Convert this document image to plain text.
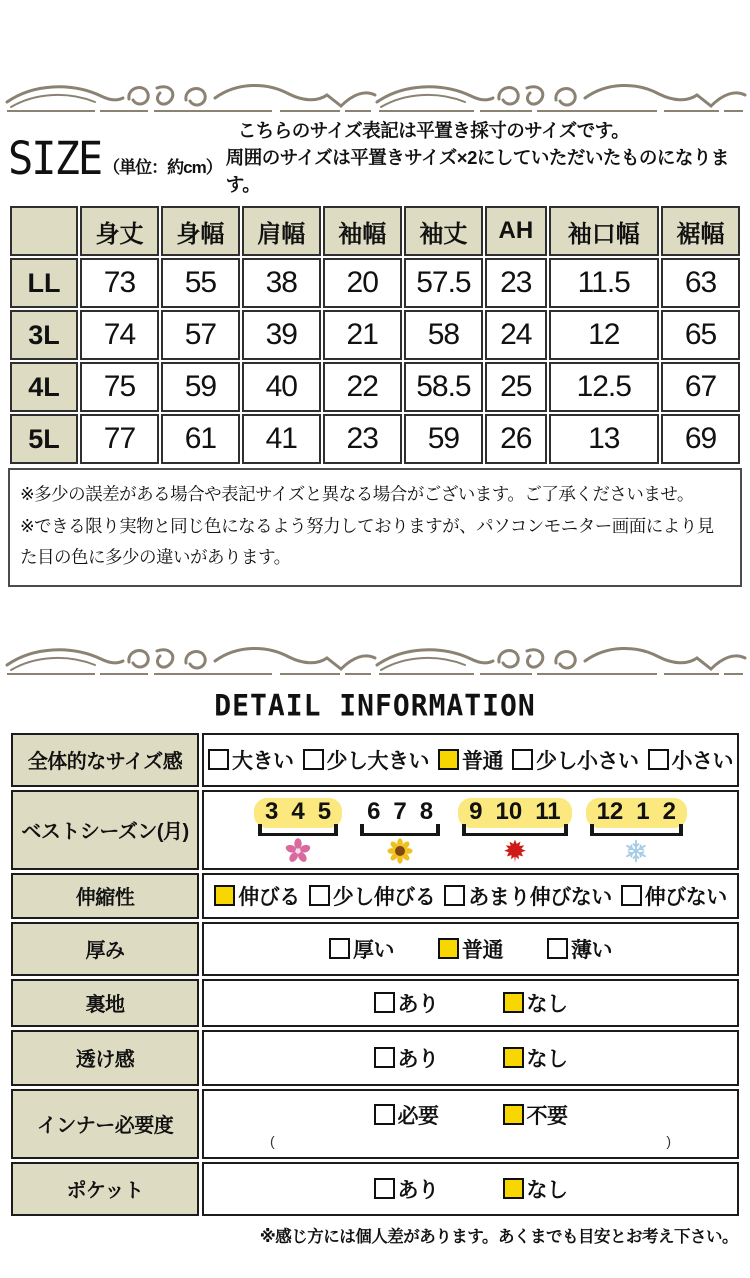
SIZE （単位：約cm）
こちらのサイズ表記は平置き採寸のサイズです。
周囲のサイズは平置きサイズ×2にしていただいたものになります。
	身丈	身幅	肩幅	袖幅	袖丈	AH	袖口幅	裾幅
LL	73	55	38	20	57.5	23	11.5	63
3L	74	57	39	21	58	24	12	65
4L	75	59	40	22	58.5	25	12.5	67
5L	77	61	41	23	59	26	13	69
※多少の誤差がある場合や表記サイズと異なる場合がございます。ご了承くださいませ。
※できる限り実物と同じ色になるよう努力しておりますが、パソコンモニター画面により見た目の色に多少の違いがあります。
DETAIL INFORMATION
全体的なサイズ感	大きい 少し大きい 普通 少し小さい 小さい

ベストシーズン(月)	
3 4 5 6 7 8 9 10 11 12 1 2

伸縮性	伸びる 少し伸びる あまり伸びない 伸びない

厚み	厚い 普通 薄い

裏地	あり なし

透け感	あり なし

インナー必要度	必要 不要
( )

ポケット	あり なし
※感じ方には個人差があります。あくまでも目安とお考え下さい。
